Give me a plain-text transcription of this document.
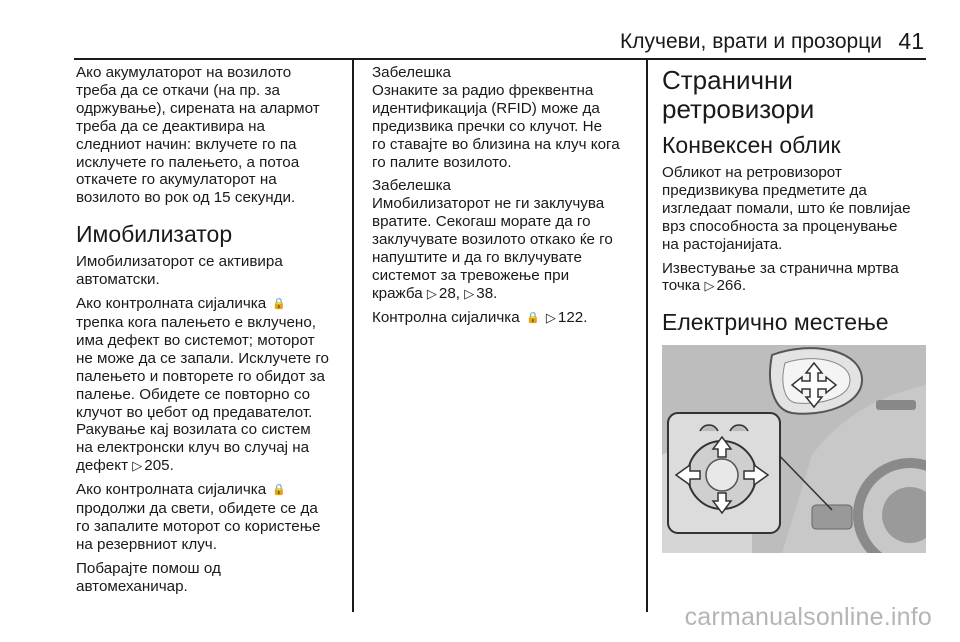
Клучеви, врати и прозорци 41
Ако акумулаторот на возилото
треба да се откачи (на пр. за
одржување), сирената на алармот
треба да се деактивира на
следниот начин: вклучете го па
исклучете го палењето, а потоа
откачете го акумулаторот на
возилото во рок од 15 секунди.
Имобилизатор
Имобилизаторот се активира
автоматски.
Ако контролната сијаличка 🔒
трепка кога палењето е вклучено,
има дефект во системот; моторот
не може да се запали. Исклучете го
палењето и повторете го обидот за
палење. Обидете се повторно со
клучот во џебот од предавателот.
Ракување кај возилата со систем
на електронски клуч во случај на
дефект ▷ 205.
Ако контролната сијаличка 🔒
продолжи да свети, обидете се да
го запалите моторот со користење
на резервниот клуч.
Побарајте помош од
автомеханичар.
Забелешка
Ознаките за радио фреквентна
идентификација (RFID) може да
предизвика пречки со клучот. Не
го ставајте во близина на клуч кога
го палите возилото.
Забелешка
Имобилизаторот не ги заклучува
вратите. Секогаш морате да го
заклучувате возилото откако ќе го
напуштите и да го вклучувате
системот за тревожење при
кражба ▷ 28, ▷ 38.
Контролна сијаличка 🔒 ▷ 122.
Странични
ретровизори
Конвексен облик
Обликот на ретровизорот
предизвикува предметите да
изгледаат помали, што ќе повлијае
врз способноста за проценување
на растојанијата.
Известување за странична мртва
точка ▷ 266.
Електрично местење
carmanualsonline.info
